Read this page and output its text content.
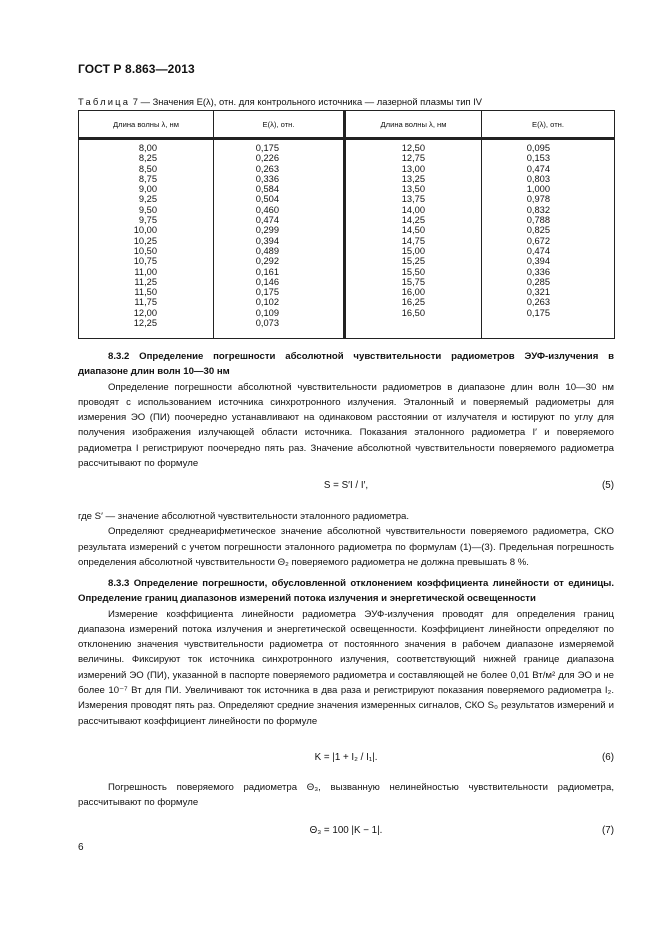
ГОСТ Р 8.863—2013
Таблица 7 — Значения E(λ), отн. для контрольного источника — лазерной плазмы тип IV
Длина волны λ, нм	E(λ), отн.	Длина волны λ, нм	E(λ), отн.

8,00	0,175	12,50	0,095

8,25	0,226	12,75	0,153

8,50	0,263	13,00	0,474

8,75	0,336	13,25	0,803

9,00	0,584	13,50	1,000

9,25	0,504	13,75	0,978

9,50	0,460	14,00	0,832

9,75	0,474	14,25	0,788

10,00	0,299	14,50	0,825

10,25	0,394	14,75	0,672

10,50	0,489	15,00	0,474

10,75	0,292	15,25	0,394

11,00	0,161	15,50	0,336

11,25	0,146	15,75	0,285

11,50	0,175	16,00	0,321

11,75	0,102	16,25	0,263

12,00	0,109	16,50	0,175

12,25	0,073		

8.3.2 Определение погрешности абсолютной чувствительности радиометров ЭУФ-излучения в диапазоне длин волн 10—30 нм

Определение погрешности абсолютной чувствительности радиометров в диапазоне длин волн 10—30 нм проводят с использованием источника синхротронного излучения. Эталонный и поверяемый радиометры для измерения ЭО (ПИ) поочередно устанавливают на одинаковом расстоянии от излучателя и юстируют по углу для получения изображения излучающей области источника. Показания эталонного радиометра I′ и поверяемого радиометра I регистрируют поочередно пять раз. Значение абсолютной чувствительности поверяемого радиометра рассчитывают по формуле

S = S′I / I′,	(5)

где S′ — значение абсолютной чувствительности эталонного радиометра.

Определяют среднеарифметическое значение абсолютной чувствительности поверяемого радиометра, СКО результата измерений с учетом погрешности эталонного радиометра по формулам (1)—(3). Предельная погрешность определения абсолютной чувствительности Θ₂ поверяемого радиометра не должна превышать 8 %.

8.3.3 Определение погрешности, обусловленной отклонением коэффициента линейности от единицы. Определение границ диапазонов измерений потока излучения и энергетической освещенности

Измерение коэффициента линейности радиометра ЭУФ-излучения проводят для определения границ диапазона измерений потока излучения и энергетической освещенности. Коэффициент линейности определяют по отклонению значения чувствительности радиометра от постоянного значения в рабочем диапазоне измеряемой величины. Фиксируют ток источника синхротронного излучения, соответствующий нижней границе диапазона измерений ЭО (ПИ), указанной в паспорте поверяемого радиометра и составляющей не более 0,01 Вт/м² для ЭО и не более 10⁻⁷ Вт для ПИ. Увеличивают ток источника в два раза и регистрируют показания поверяемого радиометра I₂. Измерения проводят пять раз. Определяют средние значения измеренных сигналов, СКО S₀ результатов измерений и рассчитывают коэффициент линейности по формуле

K = |1 + I₂ / I₁|.	(6)

Погрешность поверяемого радиометра Θ₃, вызванную нелинейностью чувствительности радиометра, рассчитывают по формуле

Θ₃ = 100 |K − 1|.	(7)
6
